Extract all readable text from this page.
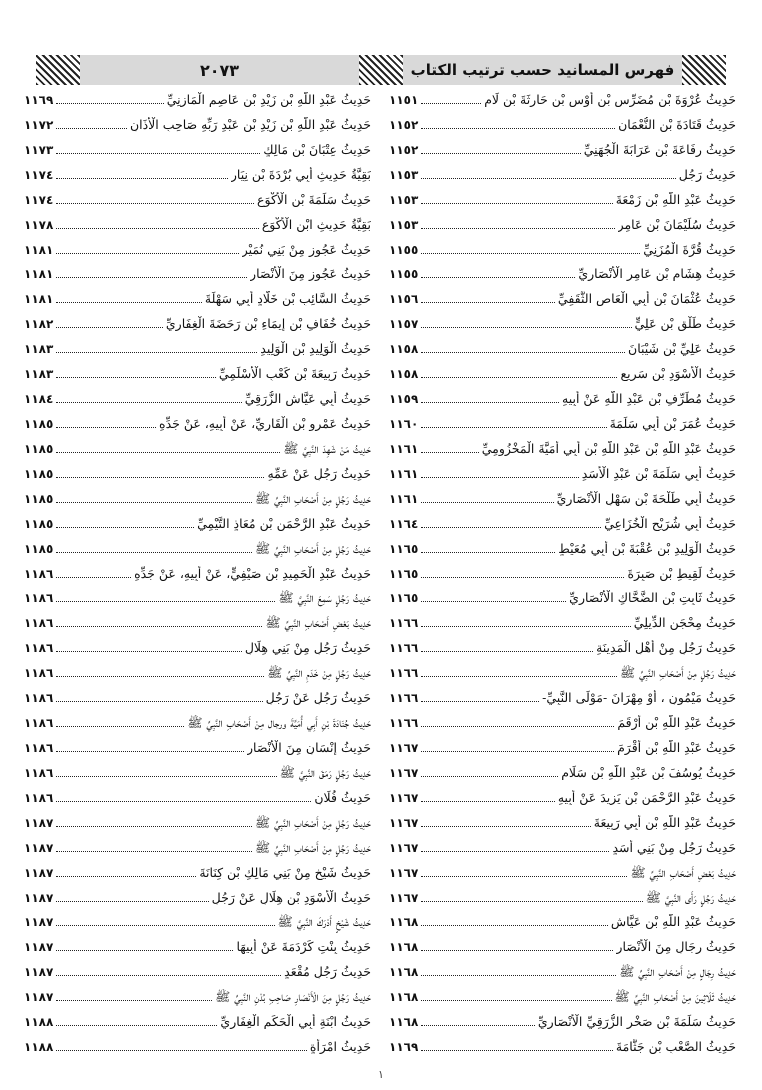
٢٠٧٣	فهرس المسانيد حسب ترتيب الكتاب
حَدِيثُ عُرْوَةَ بْنِ مُضَرِّسِ بْنِ أَوْسِ بْنِ حَارِثَةَ بْنِ لَامٍ
١١٥١
حَدِيثُ قَتَادَةَ بْنِ النُّعْمَانِ
١١٥٢
حَدِيثُ رِفَاعَةَ بْنِ عَرَابَةَ الْجُهَنِيِّ
١١٥٢
حَدِيثُ رَجُلٍ
١١٥٣
حَدِيثُ عَبْدِ اللَّهِ بْنِ زَمْعَةَ
١١٥٣
حَدِيثُ سُلَيْمَانَ بْنِ عَامِرٍ
١١٥٣
حَدِيثُ قُرَّةَ الْمُزَنِيِّ
١١٥٥
حَدِيثُ هِشَامِ بْنِ عَامِرٍ الْأَنْصَارِيِّ
١١٥٥
حَدِيثُ عُثْمَانَ بْنِ أَبِي الْعَاصِ الثَّقَفِيِّ
١١٥٦
حَدِيثُ طَلْقِ بْنِ عَلِيٍّ
١١٥٧
حَدِيثُ عَلِيِّ بْنِ شَيْبَانَ
١١٥٨
حَدِيثُ الْأَسْوَدِ بْنِ سَرِيعٍ
١١٥٨
حَدِيثُ مُطَرِّفِ بْنِ عَبْدِ اللَّهِ عَنْ أَبِيهِ
١١٥٩
حَدِيثُ عُمَرَ بْنِ أَبِي سَلَمَةَ
١١٦٠
حَدِيثُ عَبْدِ اللَّهِ بْنِ عَبْدِ اللَّهِ بْنِ أَبِي أُمَيَّةَ الْمَخْزُومِيِّ
١١٦١
حَدِيثُ أَبِي سَلَمَةَ بْنِ عَبْدِ الْأَسَدِ
١١٦١
حَدِيثُ أَبِي طَلْحَةَ بْنِ سَهْلٍ الْأَنْصَارِيِّ
١١٦١
حَدِيثُ أَبِي شُرَيْحٍ الْخُزَاعِيِّ
١١٦٤
حَدِيثُ الْوَلِيدِ بْنِ عُقْبَةَ بْنِ أَبِي مُعَيْطٍ
١١٦٥
حَدِيثُ لَقِيطِ بْنِ صَبِرَةَ
١١٦٥
حَدِيثُ ثَابِتِ بْنِ الضَّحَّاكِ الْأَنْصَارِيِّ
١١٦٥
حَدِيثُ مِحْجَنٍ الدِّيلِيِّ
١١٦٦
حَدِيثُ رَجُلٍ مِنْ أَهْلِ الْمَدِينَةِ
١١٦٦
حَدِيثُ رَجُلٍ مِنْ أَصْحَابِ النَّبِيِّ ﷺ
١١٦٦
حَدِيثُ مَيْمُونٍ ، أَوْ مِهْرَانَ -مَوْلَى النَّبِيِّ-
١١٦٦
حَدِيثُ عَبْدِ اللَّهِ بْنِ أَرْقَمَ
١١٦٦
حَدِيثُ عَبْدِ اللَّهِ بْنِ أَقْرَمَ
١١٦٧
حَدِيثُ يُوسُفَ بْنِ عَبْدِ اللَّهِ بْنِ سَلَامٍ
١١٦٧
حَدِيثُ عَبْدِ الرَّحْمَنِ بْنِ يَزِيدَ عَنْ أَبِيهِ
١١٦٧
حَدِيثُ عَبْدِ اللَّهِ بْنِ أَبِي رَبِيعَةَ
١١٦٧
حَدِيثُ رَجُلٍ مِنْ بَنِي أَسَدٍ
١١٦٧
حَدِيثُ بَعْضِ أَصْحَابِ النَّبِيِّ ﷺ
١١٦٧
حَدِيثُ رَجُلٍ رَأَى النَّبِيَّ ﷺ
١١٦٧
حَدِيثُ عَبْدِ اللَّهِ بْنِ عَيَّاشٍ
١١٦٨
حَدِيثُ رِجَالٍ مِنَ الْأَنْصَارِ
١١٦٨
حَدِيثُ رِجَالٍ مِنْ أَصْحَابِ النَّبِيِّ ﷺ
١١٦٨
حَدِيثُ ثَلَاثِينَ مِنْ أَصْحَابِ النَّبِيِّ ﷺ
١١٦٨
حَدِيثُ سَلَمَةَ بْنِ صَخْرٍ الزُّرَقِيِّ الْأَنْصَارِيِّ
١١٦٨
حَدِيثُ الصَّعْبِ بْنِ جَثَّامَةَ
١١٦٩
حَدِيثُ عَبْدِ اللَّهِ بْنِ زَيْدِ بْنِ عَاصِمٍ الْمَازِنِيِّ
١١٦٩
حَدِيثُ عَبْدِ اللَّهِ بْنِ زَيْدِ بْنِ عَبْدِ رَبِّهِ صَاحِبِ الْأَذَانِ
١١٧٢
حَدِيثُ عِتْبَانَ بْنِ مَالِكٍ
١١٧٣
بَقِيَّةُ حَدِيثِ أَبِي بُرْدَةَ بْنِ نِيَارٍ
١١٧٤
حَدِيثُ سَلَمَةَ بْنِ الْأَكْوَعِ
١١٧٤
بَقِيَّةُ حَدِيثِ ابْنِ الْأَكْوَعِ
١١٧٨
حَدِيثُ عَجُوزٍ مِنْ بَنِي نُمَيْرٍ
١١٨١
حَدِيثُ عَجُوزٍ مِنَ الْأَنْصَارِ
١١٨١
حَدِيثُ السَّائِبِ بْنِ خَلَّادٍ أَبِي سَهْلَةَ
١١٨١
حَدِيثُ خُفَافِ بْنِ إِيمَاءِ بْنِ رَحَضَةَ الْغِفَارِيِّ
١١٨٢
حَدِيثُ الْوَلِيدِ بْنِ الْوَلِيدِ
١١٨٣
حَدِيثُ رَبِيعَةَ بْنِ كَعْبٍ الْأَسْلَمِيِّ
١١٨٣
حَدِيثُ أَبِي عَيَّاشٍ الزُّرَقِيِّ
١١٨٤
حَدِيثُ عَمْرِو بْنِ الْقَارِيِّ، عَنْ أَبِيهِ، عَنْ جَدِّهِ
١١٨٥
حَدِيثُ مَنْ شَهِدَ النَّبِيَّ ﷺ
١١٨٥
حَدِيثُ رَجُلٍ عَنْ عَمِّهِ
١١٨٥
حَدِيثُ رَجُلٍ مِنْ أَصْحَابِ النَّبِيِّ ﷺ
١١٨٥
حَدِيثُ عَبْدِ الرَّحْمَنِ بْنِ مُعَاذٍ التَّيْمِيِّ
١١٨٥
حَدِيثُ رَجُلٍ مِنْ أَصْحَابِ النَّبِيِّ ﷺ
١١٨٥
حَدِيثُ عَبْدِ الْحَمِيدِ بْنِ صَيْفِيٍّ، عَنْ أَبِيهِ، عَنْ جَدِّهِ
١١٨٦
حَدِيثُ رَجُلٍ سَمِعَ النَّبِيَّ ﷺ
١١٨٦
حَدِيثُ بَعْضِ أَصْحَابِ النَّبِيِّ ﷺ
١١٨٦
حَدِيثُ رَجُلٍ مِنْ بَنِي هِلَالٍ
١١٨٦
حَدِيثُ رَجُلٍ مِنْ خَدَمِ النَّبِيِّ ﷺ
١١٨٦
حَدِيثُ رَجُلٍ عَنْ رَجُلٍ
١١٨٦
حَدِيثُ جُنَادَةَ بْنِ أَبِي أُمَيَّةَ ورجال مِنْ أَصْحَابِ النَّبِيِّ ﷺ
١١٨٦
حَدِيثُ إِنْسَانٍ مِنَ الْأَنْصَارِ
١١٨٦
حَدِيثُ رَجُلٍ رَمَقَ النَّبِيَّ ﷺ
١١٨٦
حَدِيثُ فُلَانٍ
١١٨٦
حَدِيثُ رَجُلٍ مِنْ أَصْحَابِ النَّبِيِّ ﷺ
١١٨٧
حَدِيثُ رَجُلٍ مِنْ أَصْحَابِ النَّبِيِّ ﷺ
١١٨٧
حَدِيثُ شَيْخٍ مِنْ بَنِي مَالِكِ بْنِ كِنَانَةَ
١١٨٧
حَدِيثُ الْأَسْوَدِ بْنِ هِلَالٍ عَنْ رَجُلٍ
١١٨٧
حَدِيثُ شَيْخٍ أَدْرَكَ النَّبِيَّ ﷺ
١١٨٧
حَدِيثُ بِنْتِ كَرْدَمَةَ عَنْ أَبِيهَا
١١٨٧
حَدِيثُ رَجُلٍ مُقْعَدٍ
١١٨٧
حَدِيثُ رَجُلٍ مِنَ الْأَنْصَارِ صَاحِبِ بُدْنِ النَّبِيِّ ﷺ
١١٨٧
حَدِيثُ ابْنَةِ أَبِي الْحَكَمِ الْغِفَارِيِّ
١١٨٨
حَدِيثُ امْرَأَةٍ
١١٨٨
١
